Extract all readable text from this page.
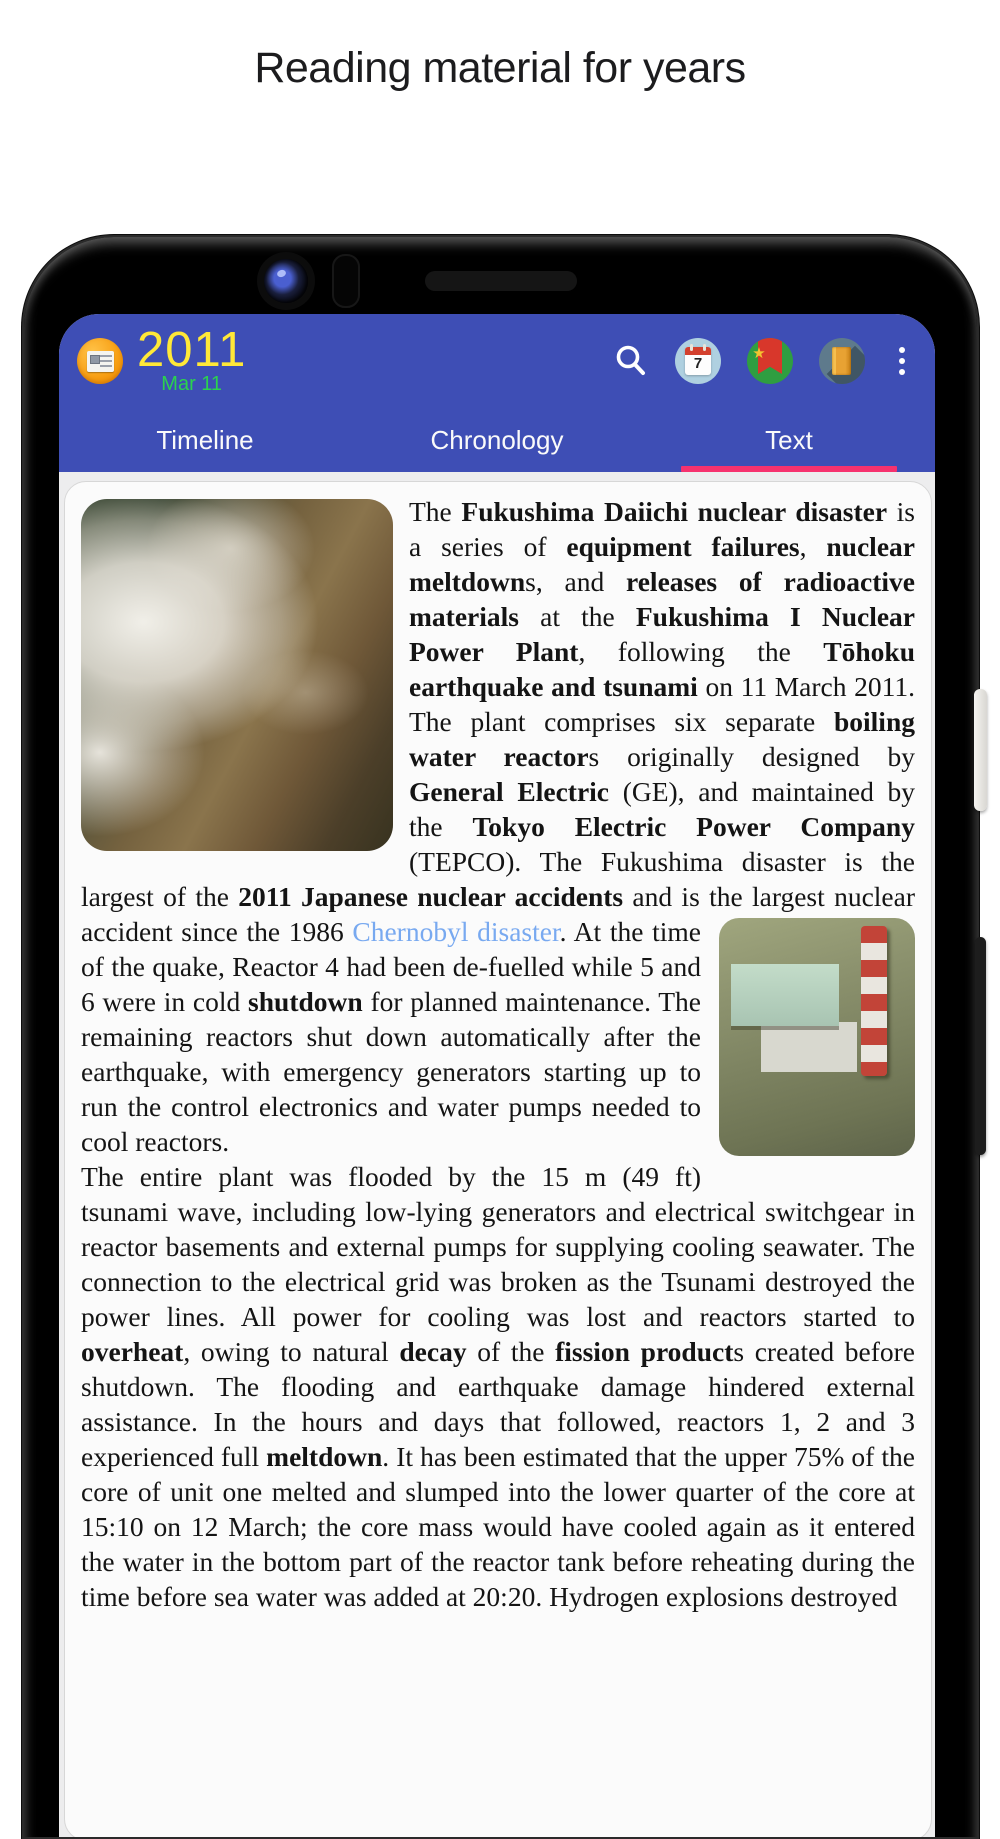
Reading material for years
2011
Mar 11
7
★
Timeline	Chronology	Text

The Fukushima Daiichi nuclear disaster is a series of equipment failures, nuclear meltdowns, and releases of radioactive materials at the Fukushima I Nuclear Power Plant, following the Tōhoku earthquake and tsunami on 11 March 2011. The plant comprises six separate boiling water reactors originally designed by General Electric (GE), and maintained by the Tokyo Electric Power Company (TEPCO). The Fukushima disaster is the largest of the 2011 Japanese nuclear accidents and is the largest nuclear accident since the 1986 Chernobyl disaster. At the
time of the quake, Reactor 4 had been de-fuelled while 5 and 6 were in cold shutdown for planned maintenance. The remaining reactors shut down automatically after the earthquake, with emergency generators starting up to run the control electronics and water pumps needed to cool reactors.

The entire plant was flooded by the 15 m (49 ft) tsunami wave, including low-lying generators and electrical switchgear in reactor basements and external pumps for supplying cooling seawater. The connection to the electrical grid was broken as the Tsunami destroyed the power lines. All power for cooling was lost and reactors started to overheat, owing to natural decay of the fission products created before shutdown. The flooding and earthquake damage hindered external assistance. In the hours and days that followed, reactors 1, 2 and 3 experienced full meltdown. It has been estimated that the upper 75% of the core of unit one melted and slumped into the lower quarter of the core at 15:10 on 12 March; the core mass would have cooled again as it entered the water in the bottom part of the reactor tank before reheating during the time before sea water was added at 20:20. Hydrogen explosions destroyed
